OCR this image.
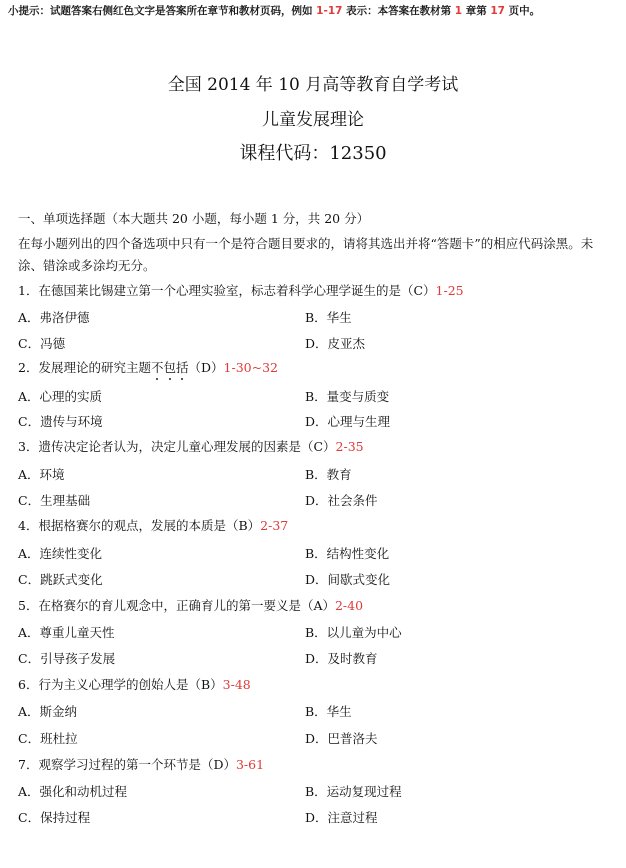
小提示：试题答案右侧红色文字是答案所在章节和教材页码，例如 1-17 表示：本答案在教材第 1 章第 17 页中。
全国 2014 年 10 月高等教育自学考试
儿童发展理论
课程代码：12350
一、单项选择题（本大题共 20 小题，每小题 1 分，共 20 分）
在每小题列出的四个备选项中只有一个是符合题目要求的，请将其选出并将“答题卡”的相应代码涂黑。未涂、错涂或多涂均无分。
1．在德国莱比锡建立第一个心理实验室，标志着科学心理学诞生的是（C）1-25
A．弗洛伊德	B．华生
C．冯德	D．皮亚杰
2．发展理论的研究主题不包括
（D）1-30~32
A．心理的实质	B．量变与质变
C．遗传与环境	D．心理与生理
3．遗传决定论者认为，决定儿童心理发展的因素是（C）2-35
A．环境	B．教育
C．生理基础	D．社会条件
4．根据格赛尔的观点，发展的本质是（B）2-37
A．连续性变化	B．结构性变化
C．跳跃式变化	D．间歇式变化
5．在格赛尔的育儿观念中，正确育儿的第一要义是（A）2-40
A．尊重儿童天性	B．以儿童为中心
C．引导孩子发展	D．及时教育
6．行为主义心理学的创始人是（B）3-48
A．斯金纳	B．华生
C．班杜拉	D．巴普洛夫
7．观察学习过程的第一个环节是（D）3-61
A．强化和动机过程	B．运动复现过程
C．保持过程	D．注意过程
